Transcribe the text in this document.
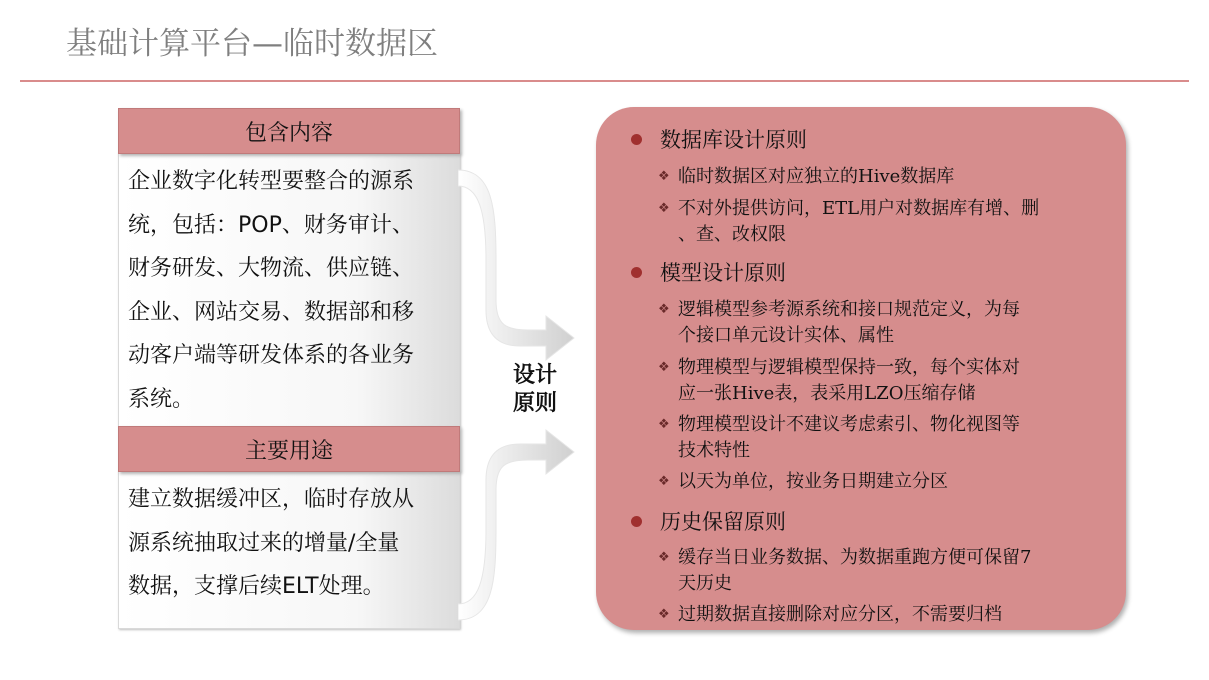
基础计算平台—临时数据区
包含内容
企业数字化转型要整合的源系
统，包括：POP、财务审计、
财务研发、大物流、供应链、
企业、网站交易、数据部和移
动客户端等研发体系的各业务
系统。
主要用途
建立数据缓冲区，临时存放从
源系统抽取过来的增量/全量
数据，支撑后续ELT处理。
设计
原则
数据库设计原则
❖ 临时数据区对应独立的Hive数据库
❖ 不对外提供访问，ETL用户对数据库有增、删
、查、改权限
模型设计原则
❖ 逻辑模型参考源系统和接口规范定义，为每
个接口单元设计实体、属性
❖ 物理模型与逻辑模型保持一致，每个实体对
应一张Hive表，表采用LZO压缩存储
❖ 物理模型设计不建议考虑索引、物化视图等
技术特性
❖ 以天为单位，按业务日期建立分区
历史保留原则
❖ 缓存当日业务数据、为数据重跑方便可保留7
天历史
❖ 过期数据直接删除对应分区，不需要归档
